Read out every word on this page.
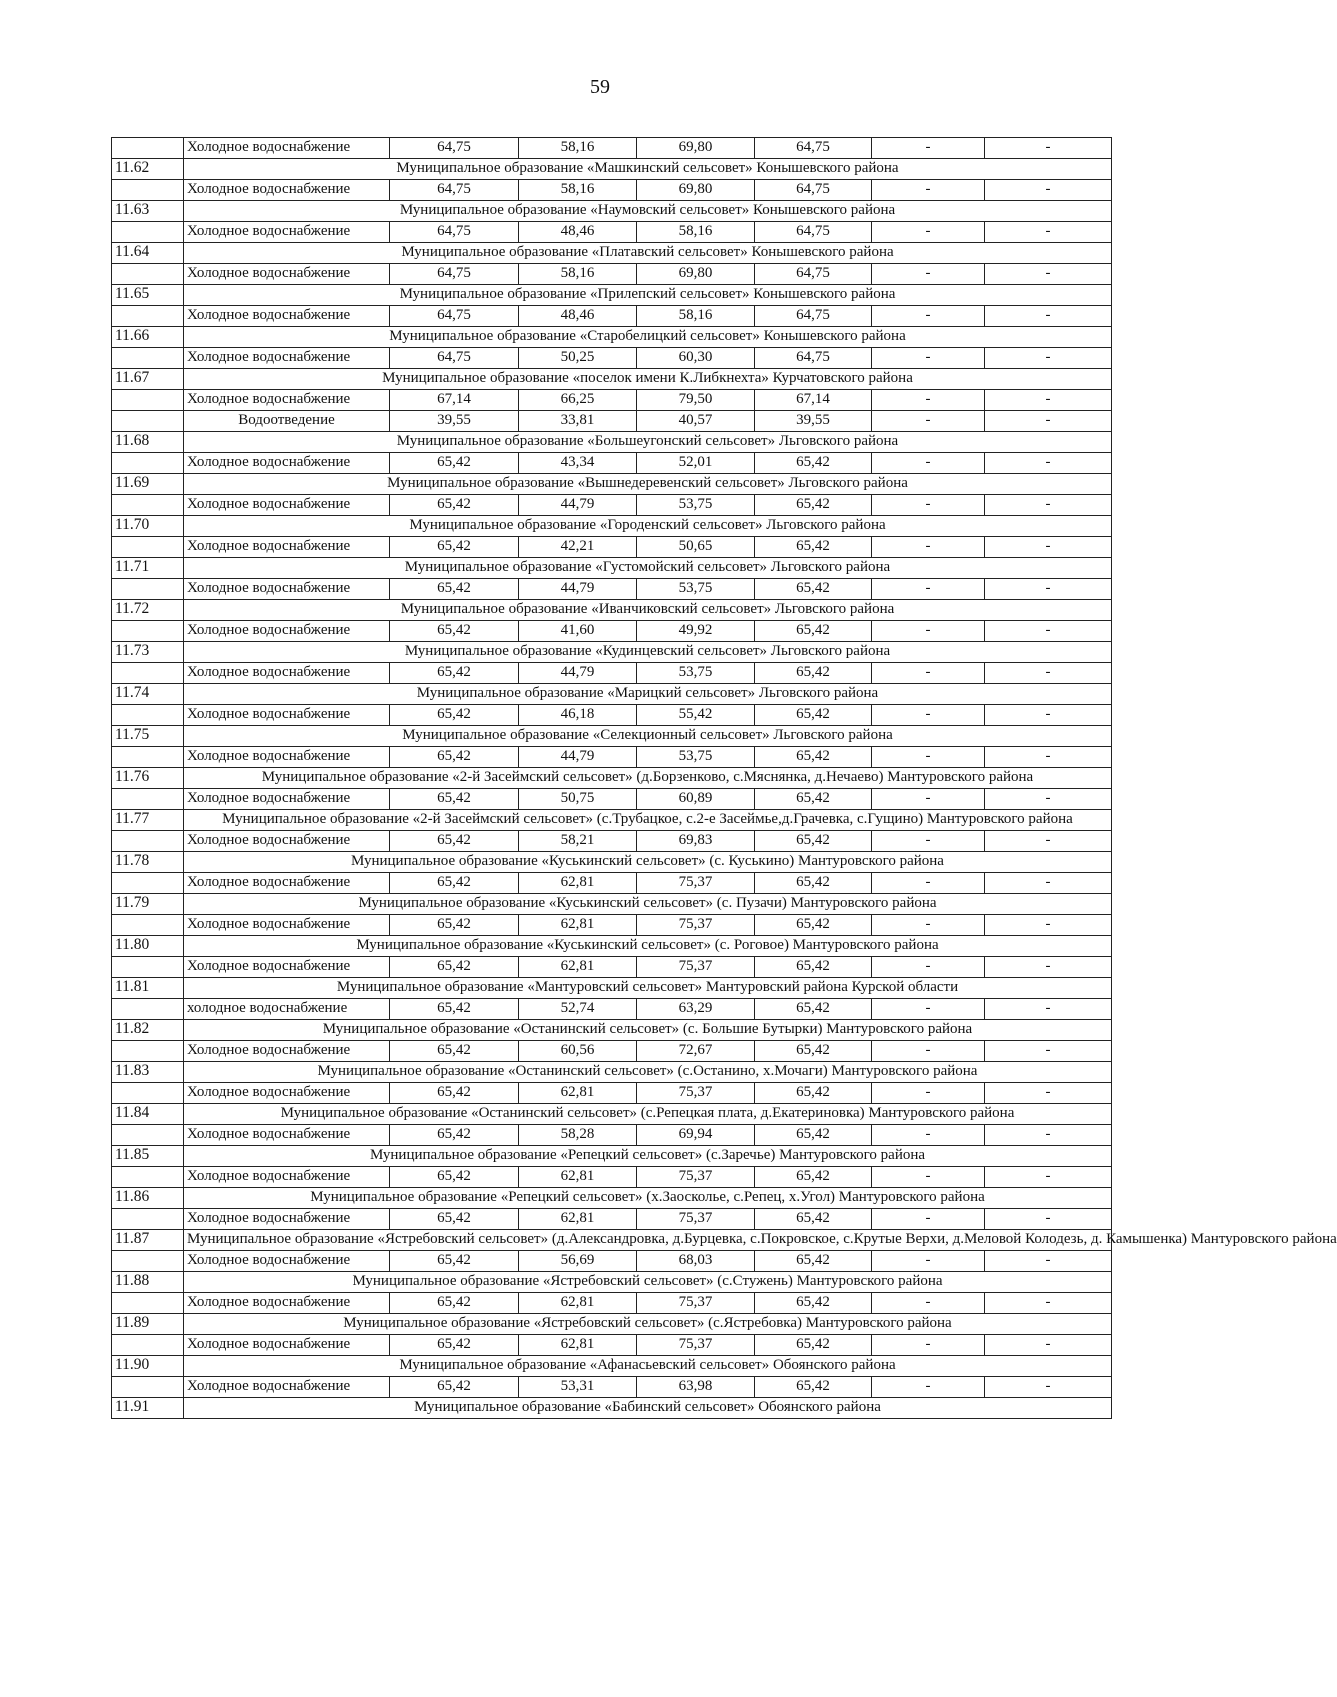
59
	Холодное водоснабжение	64,75	58,16	69,80	64,75	-	-
11.62	Муниципальное образование «Машкинский сельсовет» Конышевского района						
	Холодное водоснабжение	64,75	58,16	69,80	64,75	-	-
11.63	Муниципальное образование «Наумовский сельсовет» Конышевского района						
	Холодное водоснабжение	64,75	48,46	58,16	64,75	-	-
11.64	Муниципальное образование «Платавский сельсовет» Конышевского района						
	Холодное водоснабжение	64,75	58,16	69,80	64,75	-	-
11.65	Муниципальное образование «Прилепский сельсовет» Конышевского района						
	Холодное водоснабжение	64,75	48,46	58,16	64,75	-	-
11.66	Муниципальное образование «Старобелицкий сельсовет» Конышевского района						
	Холодное водоснабжение	64,75	50,25	60,30	64,75	-	-
11.67	Муниципальное образование «поселок имени К.Либкнехта» Курчатовского района						
	Холодное водоснабжение	67,14	66,25	79,50	67,14	-	-
	Водоотведение	39,55	33,81	40,57	39,55	-	-
11.68	Муниципальное образование «Большеугонский сельсовет» Льговского района						
	Холодное водоснабжение	65,42	43,34	52,01	65,42	-	-
11.69	Муниципальное образование «Вышнедеревенский сельсовет» Льговского района						
	Холодное водоснабжение	65,42	44,79	53,75	65,42	-	-
11.70	Муниципальное образование «Городенский сельсовет» Льговского района						
	Холодное водоснабжение	65,42	42,21	50,65	65,42	-	-
11.71	Муниципальное образование «Густомойский сельсовет» Льговского района						
	Холодное водоснабжение	65,42	44,79	53,75	65,42	-	-
11.72	Муниципальное образование «Иванчиковский сельсовет» Льговского района						
	Холодное водоснабжение	65,42	41,60	49,92	65,42	-	-
11.73	Муниципальное образование «Кудинцевский сельсовет» Льговского района						
	Холодное водоснабжение	65,42	44,79	53,75	65,42	-	-
11.74	Муниципальное образование «Марицкий сельсовет» Льговского района						
	Холодное водоснабжение	65,42	46,18	55,42	65,42	-	-
11.75	Муниципальное образование «Селекционный сельсовет» Льговского района						
	Холодное водоснабжение	65,42	44,79	53,75	65,42	-	-
11.76	Муниципальное образование «2-й Засеймский сельсовет» (д.Борзенково, с.Мяснянка, д.Нечаево) Мантуровского района						
	Холодное водоснабжение	65,42	50,75	60,89	65,42	-	-
11.77	Муниципальное образование «2-й Засеймский сельсовет» (с.Трубацкое, с.2-е Засеймье,д.Грачевка, с.Гущино) Мантуровского района						
	Холодное водоснабжение	65,42	58,21	69,83	65,42	-	-
11.78	Муниципальное образование «Куськинский сельсовет» (с. Куськино) Мантуровского района						
	Холодное водоснабжение	65,42	62,81	75,37	65,42	-	-
11.79	Муниципальное образование «Куськинский сельсовет» (с. Пузачи) Мантуровского района						
	Холодное водоснабжение	65,42	62,81	75,37	65,42	-	-
11.80	Муниципальное образование «Куськинский сельсовет» (с. Роговое) Мантуровского района						
	Холодное водоснабжение	65,42	62,81	75,37	65,42	-	-
11.81	Муниципальное образование «Мантуровский сельсовет» Мантуровский района Курской области						
	холодное водоснабжение	65,42	52,74	63,29	65,42	-	-
11.82	Муниципальное образование «Останинский сельсовет» (с. Большие Бутырки) Мантуровского района						
	Холодное водоснабжение	65,42	60,56	72,67	65,42	-	-
11.83	Муниципальное образование «Останинский сельсовет» (с.Останино, х.Мочаги) Мантуровского района						
	Холодное водоснабжение	65,42	62,81	75,37	65,42	-	-
11.84	Муниципальное образование «Останинский сельсовет» (с.Репецкая плата, д.Екатериновка) Мантуровского района						
	Холодное водоснабжение	65,42	58,28	69,94	65,42	-	-
11.85	Муниципальное образование «Репецкий сельсовет» (с.Заречье) Мантуровского района						
	Холодное водоснабжение	65,42	62,81	75,37	65,42	-	-
11.86	Муниципальное образование «Репецкий сельсовет» (х.Заосколье, с.Репец, х.Угол) Мантуровского района						
	Холодное водоснабжение	65,42	62,81	75,37	65,42	-	-
11.87	Муниципальное образование «Ястребовский сельсовет» (д.Александровка, д.Бурцевка, с.Покровское, с.Крутые Верхи, д.Меловой Колодезь, д. Камышенка) Мантуровского района						
	Холодное водоснабжение	65,42	56,69	68,03	65,42	-	-
11.88	Муниципальное образование «Ястребовский сельсовет» (с.Стужень) Мантуровского района						
	Холодное водоснабжение	65,42	62,81	75,37	65,42	-	-
11.89	Муниципальное образование «Ястребовский сельсовет» (с.Ястребовка) Мантуровского района						
	Холодное водоснабжение	65,42	62,81	75,37	65,42	-	-
11.90	Муниципальное образование «Афанасьевский сельсовет» Обоянского района						
	Холодное водоснабжение	65,42	53,31	63,98	65,42	-	-
11.91	Муниципальное образование «Бабинский сельсовет» Обоянского района						
